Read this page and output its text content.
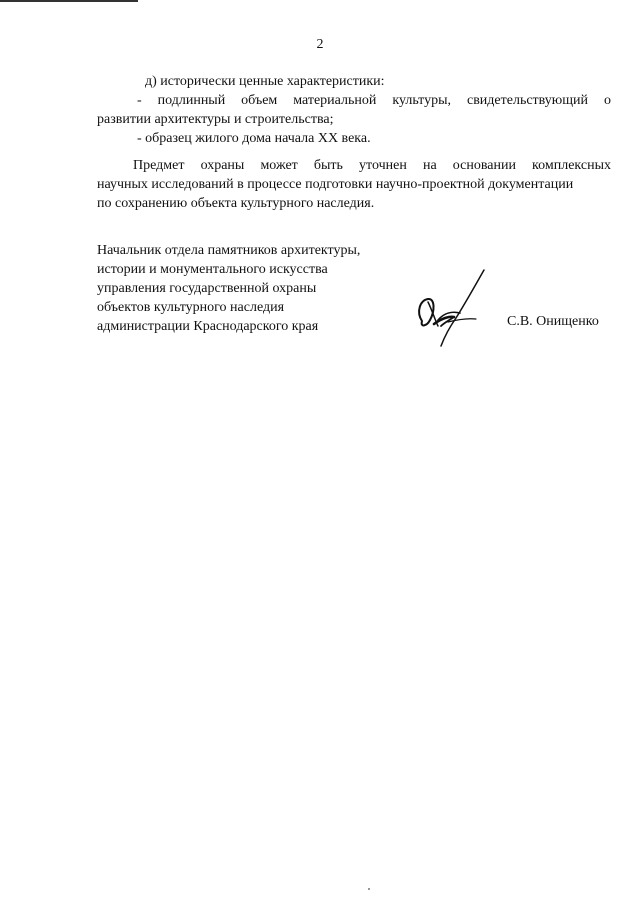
2
д) исторически ценные характеристики:
- подлинный объем материальной культуры, свидетельствующий о
развитии архитектуры и строительства;
- образец жилого дома начала XX века.
Предмет охраны может быть уточнен на основании комплексных
научных исследований в процессе подготовки научно-проектной документации
по сохранению объекта культурного наследия.
Начальник отдела памятников архитектуры,
истории и монументального искусства
управления государственной охраны
объектов культурного наследия
администрации Краснодарского края	С.В. Онищенко
